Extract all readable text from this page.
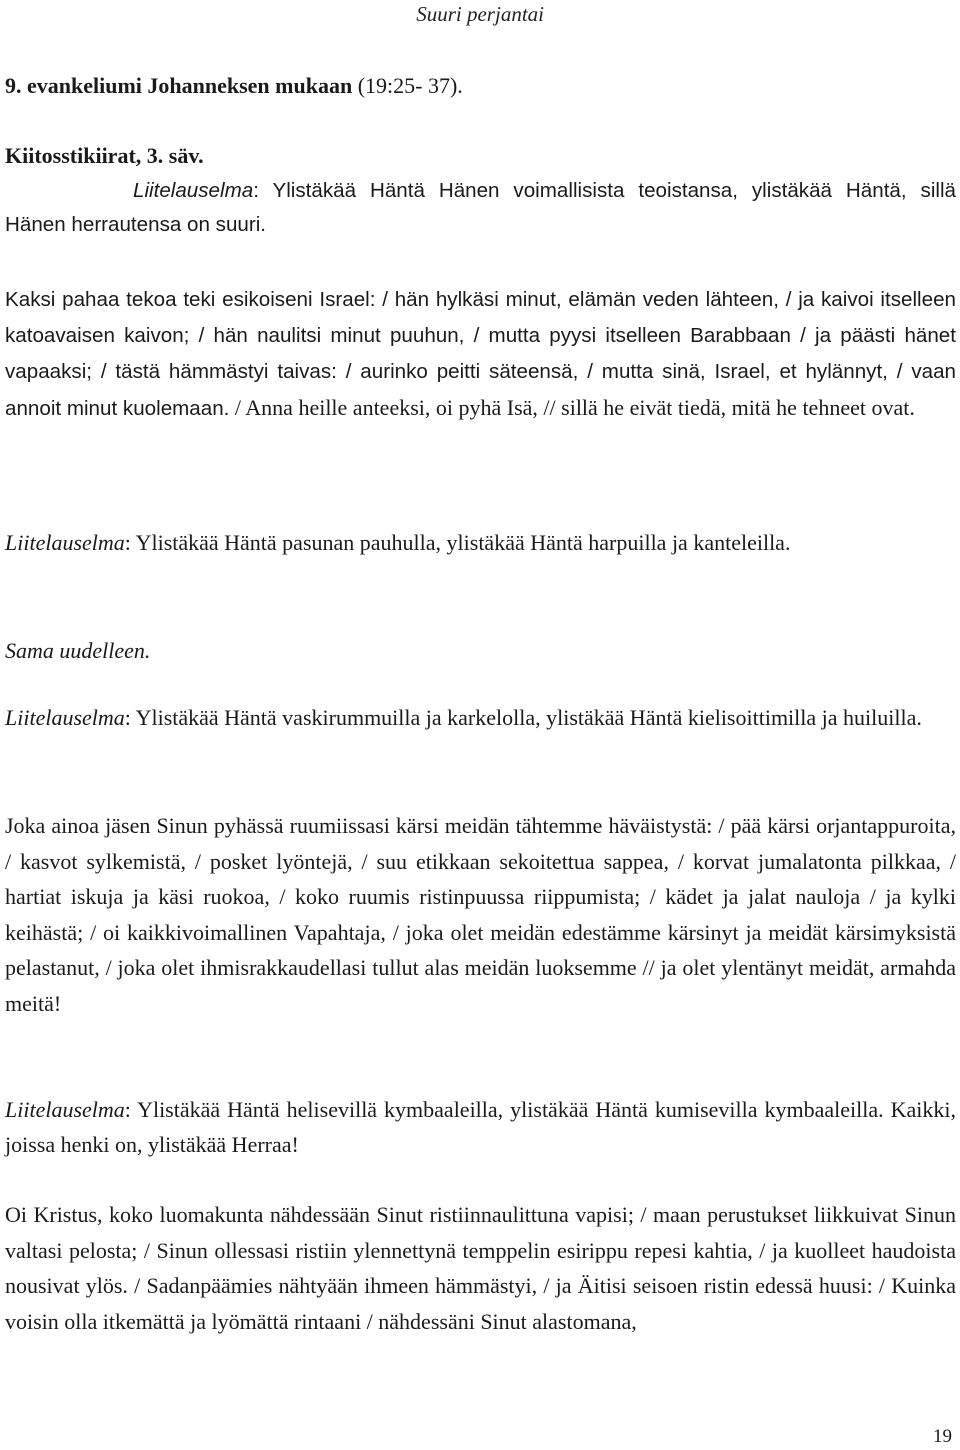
Suuri perjantai
9. evankeliumi Johanneksen mukaan (19:25- 37).
Kiitosstikiirat, 3. säv.
Liitelauselma: Ylistäkää Häntä Hänen voimallisista teoistansa, ylistäkää Häntä, sillä Hänen herrautensa on suuri.
Kaksi pahaa tekoa teki esikoiseni Israel: / hän hylkäsi minut, elämän veden lähteen, / ja kaivoi itselleen katoavaisen kaivon; / hän naulitsi minut puuhun, / mutta pyysi itselleen Barabbaan / ja päästi hänet vapaaksi; / tästä hämmästyi taivas: / aurinko peitti säteensä, / mutta sinä, Israel, et hylännyt, / vaan annoit minut kuolemaan. / Anna heille anteeksi, oi pyhä Isä, // sillä he eivät tiedä, mitä he tehneet ovat.
Liitelauselma: Ylistäkää Häntä pasunan pauhulla, ylistäkää Häntä harpuilla ja kanteleilla.
Sama uudelleen.
Liitelauselma: Ylistäkää Häntä vaskirummuilla ja karkelolla, ylistäkää Häntä kielisoittimilla ja huiluilla.
Joka ainoa jäsen Sinun pyhässä ruumiissasi kärsi meidän tähtemme häväistystä: / pää kärsi orjantappuroita, / kasvot sylkemistä, / posket lyöntejä, / suu etikkaan sekoitettua sappea, / korvat jumalatonta pilkkaa, / hartiat iskuja ja käsi ruokoa, / koko ruumis ristinpuussa riippumista; / kädet ja jalat nauloja / ja kylki keihästä; / oi kaikkivoimallinen Vapahtaja, / joka olet meidän edestämme kärsinyt ja meidät kärsimyksistä pelastanut, / joka olet ihmisrakkaudellasi tullut alas meidän luoksemme // ja olet ylentänyt meidät, armahda meitä!
Liitelauselma: Ylistäkää Häntä helisevillä kymbaaleilla, ylistäkää Häntä kumisevilla kymbaaleilla. Kaikki, joissa henki on, ylistäkää Herraa!
Oi Kristus, koko luomakunta nähdessään Sinut ristiinnaulittuna vapisi; / maan perustukset liikkuivat Sinun valtasi pelosta; / Sinun ollessasi ristiin ylennettynä temppelin esirippu repesi kahtia, / ja kuolleet haudoista nousivat ylös. / Sadanpäämies nähtyään ihmeen hämmästyi, / ja Äitisi seisoen ristin edessä huusi: / Kuinka voisin olla itkemättä ja lyömättä rintaani / nähdessäni Sinut alastomana,
19
